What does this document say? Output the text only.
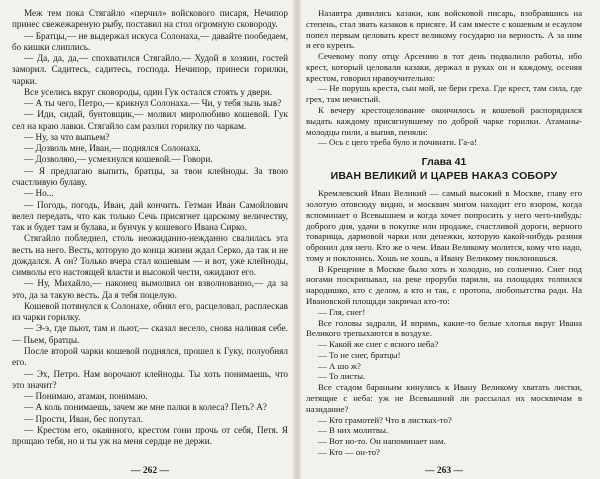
Меж тем пока Стягайло «перчил» войскового писаря, Нечипор принес свежежареную рыбу, поставил на стол огромную сковороду.

— Братцы,— не выдержал искуса Солонаха,— давайте пообедаем, бо кишки слиплись.

— Да, да, да,— спохватился Стягайло.— Худой я хозяин, гостей заморил. Садитесь, садитесь, господа. Нечипор, принеси горилки, чарки.

Все уселись вкруг сковороды, один Гук остался стоять у двери.

— А ты чего, Петро,— крикнул Солонаха.— Чи, у тебя зызь зыв?

— Иди, сидай, бунтовщик,— молвил миролюбиво кошевой. Гук сел на краю лавки. Стягайло сам разлил горилку по чаркам.

— Ну, за что выпьем?

— Дозволь мне, Иван,— поднялся Солонаха.

— Дозволяю,— усмехнулся кошевой.— Говори.

— Я предлагаю выпить, братцы, за твои клейноды. За твою счастливую булаву.

— Но...

— Погодь, погодь, Иван, дай кончить. Гетман Иван Самойлович велел передать, что как только Сечь присягнет царскому величеству, так и будет там и булава, и бунчук у кошевого Ивана Сирко.

Стягайло побледнел, столь неожиданно-нежданно свалилась эта весть на него. Весть, которую до конца жизни ждал Серко, да так и не дождался. А он? Только вчера стал кошевым — и вот, уже клейноды, символы его настоящей власти и высокой чести, ожидают его.

— Ну, Михайло,— наконец вымолвил он взволнованно,— да за это, да за такую весть. Да я тебя поцелую.

Кошевой потянулся к Солонахе, обнял его, расцеловал, расплескав из чарки горилку.

— Э-э, где пьют, там и льют,— сказал весело, снова наливая себе.— Пьем, братцы.

После второй чарки кошевой поднялся, прошел к Гуку, полуобнял его.

— Эх, Петро. Нам ворочают клейноды. Ты хоть понимаешь, что это значит?

— Понимаю, атаман, понимаю.

— А коль понимаешь, зачем же мне палки в колеса? Петь? А?

— Прости, Иван, бес попутал.

— Крестом его, окаянного, крестом гони прочь от себя, Петя. Я прощаю тебя, но и ты уж на меня сердце не держи.

— 262 —

Назавтра дивились казаки, как войсковой писарь, взобравшись на степень, стал звать казаков к присяге. И сам вместе с кошевым и есаулом попел первым целовать крест великому государю на верность. А за ним и его куренъ.

Сечевому попу отцу Арсению в тот день подвалило работы, ибо крест, который целовали казаки, держал в руках он и каждому, осеняя крестом, говорил нравоучительно:

— Не порушь креста, сын мой, не бери греха. Где крест, там сила, где грех, там нечистый.

К вечеру крестоцелование окончилось и кошевой распорядился выдать каждому присягнувшему по доброй чарке горилки. Атаманы-молодцы пили, а выпив, пеняли:

— Ось с цего треба було и починати. Га-а!

Глава 41
ИВАН ВЕЛИКИЙ И ЦАРЕВ НАКАЗ СОБОРУ

Кремлевский Иван Великий — самый высокий в Москве, главу его золотую отовсюду видно, и москвич мигом находит его взором, когда вспоминает о Всевышнем и когда хочет попросить у него чего-нибудь: доброго дня, удачи в покупке или продаже, счастливой дороги, верного товарища, дармовой чарки или денежки, которую какой-нибудь разиня обронил для него. Кто же о чем. Иван Великому молится, кому что надо, тому и поклонись. Хошь не хошь, а Ивану Великому поклонишься.

В Крещение в Москве было хоть и холодно, но солнечно. Снег под ногами поскрипывал, на реке проруби парили, на площадях толпился народишко, кто с делом, а кто и так, с протопа, любопытства ради. На Ивановской площади закричал кто-то:

— Гля, снег!

Все головы задрали, И впрямь, какие-то белые хлопья вкруг Ивана Великого трепыхаются в воздухе.

— Какой же снег с ясного неба?

— То не снег, братцы!

— А шо ж?

— То листы.

Все стадом бараньим кинулись к Ивану Великому хватать листки, летящие с неба: уж не Всевышний ли рассылал их москвичам в назидание?

— Кто грамотей? Что в листках-то?

— В них молитвы.

— Вот но-то. Он напоминает нам.

— Кто — он-то?

— 263 —
